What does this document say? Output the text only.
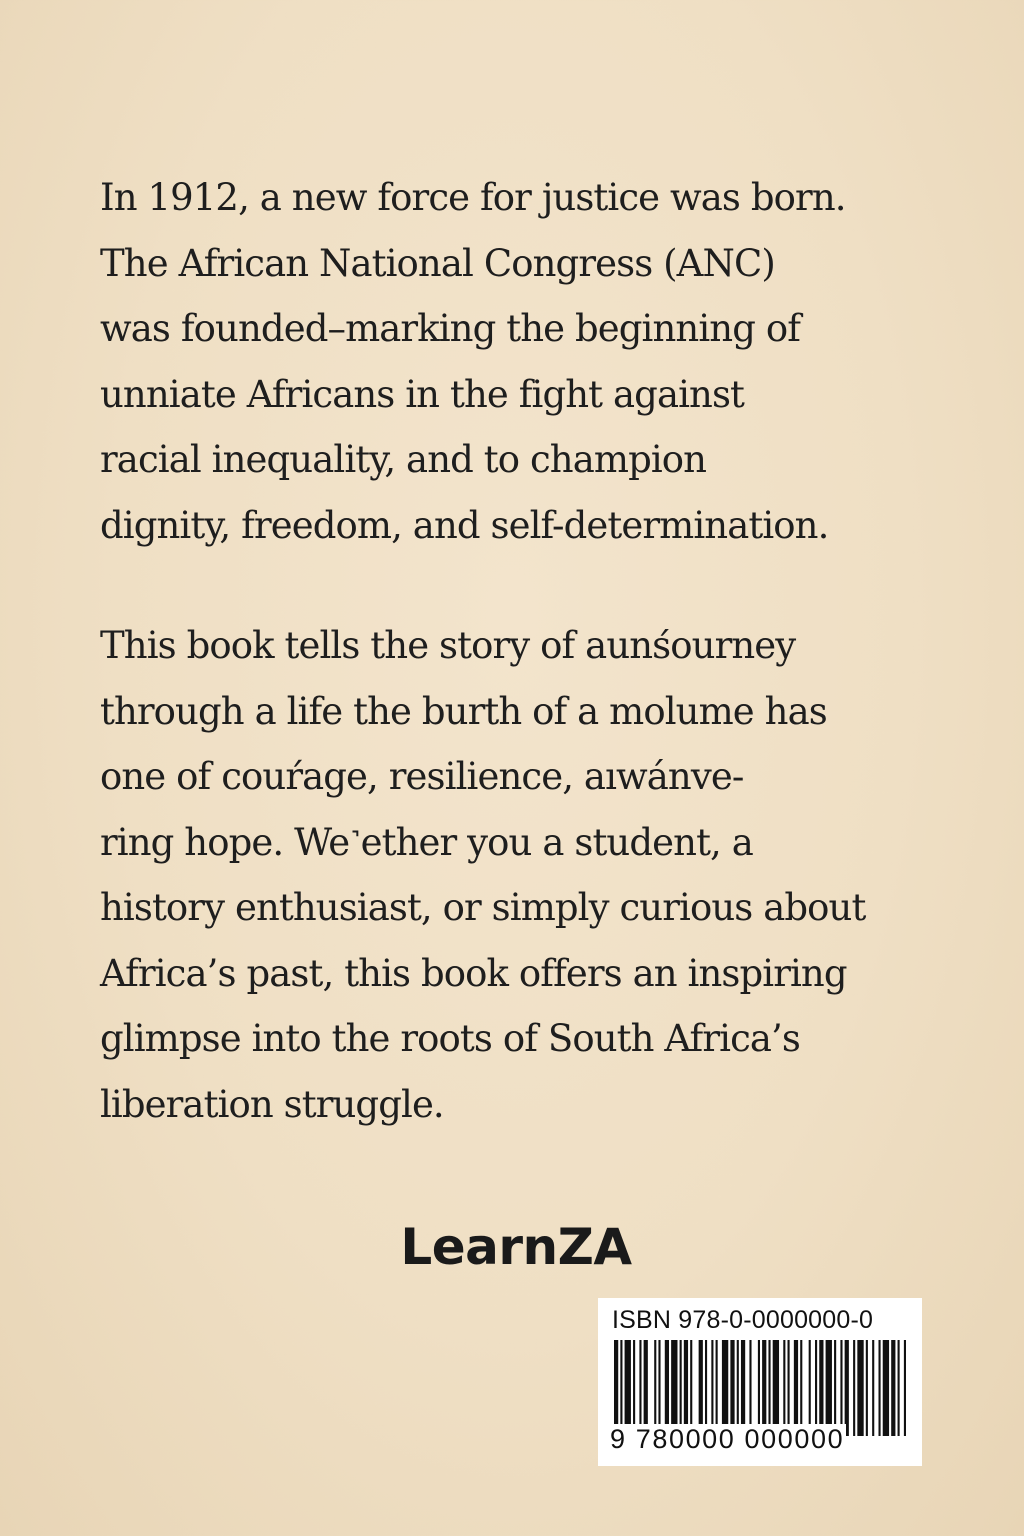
In 1912, a new force for justice was born.
The African National Congress (ANC)
was founded–marking the beginning of
unniate Africans in the fight against
racial inequality, and to champion
dignity, freedom, and self-determination.

This book tells the story of aunśourney
through a life the burth of a molume has
one of couŕage, resilience, aıwánve-
ring hope. We˺ether you a student, a
history enthusiast, or simply curious about
Africa’s past, this book offers an inspiring
glimpse into the roots of South Africa’s
liberation struggle.

LearnZA
ISBN 978-0-0000000-0
9 780000 000000
